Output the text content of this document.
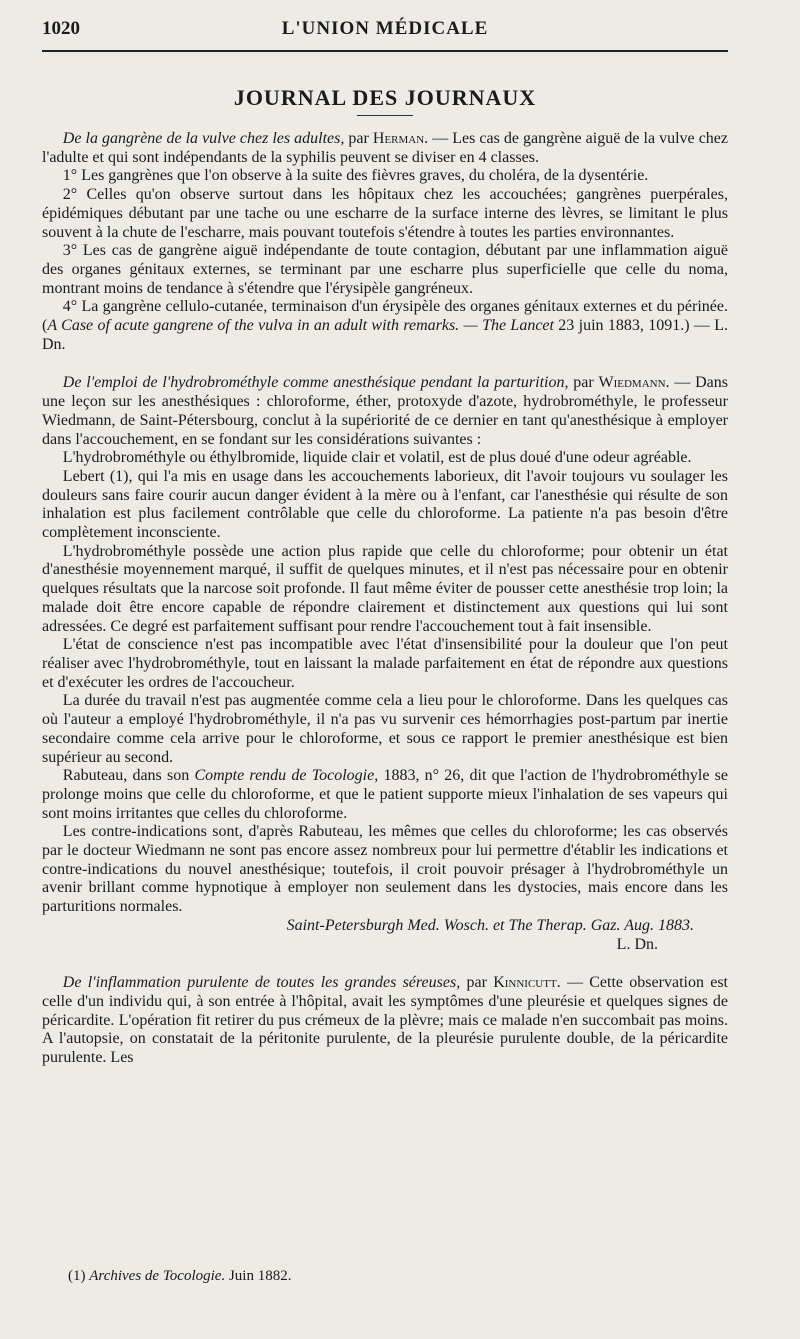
1020	L'UNION MÉDICALE
JOURNAL DES JOURNAUX

De la gangrène de la vulve chez les adultes, par Herman. — Les cas de gangrène aiguë de la vulve chez l'adulte et qui sont indépendants de la syphilis peuvent se diviser en 4 classes.

1° Les gangrènes que l'on observe à la suite des fièvres graves, du choléra, de la dysentérie.

2° Celles qu'on observe surtout dans les hôpitaux chez les accouchées; gangrènes puerpérales, épidémiques débutant par une tache ou une escharre de la surface interne des lèvres, se limitant le plus souvent à la chute de l'escharre, mais pouvant toutefois s'étendre à toutes les parties environnantes.

3° Les cas de gangrène aiguë indépendante de toute contagion, débutant par une inflammation aiguë des organes génitaux externes, se terminant par une escharre plus superficielle que celle du noma, montrant moins de tendance à s'étendre que l'érysipèle gangréneux.

4° La gangrène cellulo-cutanée, terminaison d'un érysipèle des organes génitaux externes et du périnée. (A Case of acute gangrene of the vulva in an adult with remarks. — The Lancet 23 juin 1883, 1091.) — L. Dn.

De l'emploi de l'hydrobrométhyle comme anesthésique pendant la parturition, par Wiedmann. — Dans une leçon sur les anesthésiques : chloroforme, éther, protoxyde d'azote, hydrobrométhyle, le professeur Wiedmann, de Saint-Pétersbourg, conclut à la supériorité de ce dernier en tant qu'anesthésique à employer dans l'accouchement, en se fondant sur les considérations suivantes :

L'hydrobrométhyle ou éthylbromide, liquide clair et volatil, est de plus doué d'une odeur agréable.

Lebert (1), qui l'a mis en usage dans les accouchements laborieux, dit l'avoir toujours vu soulager les douleurs sans faire courir aucun danger évident à la mère ou à l'enfant, car l'anesthésie qui résulte de son inhalation est plus facilement contrôlable que celle du chloroforme. La patiente n'a pas besoin d'être complètement inconsciente.

L'hydrobrométhyle possède une action plus rapide que celle du chloroforme; pour obtenir un état d'anesthésie moyennement marqué, il suffit de quelques minutes, et il n'est pas nécessaire pour en obtenir quelques résultats que la narcose soit profonde. Il faut même éviter de pousser cette anesthésie trop loin; la malade doit être encore capable de répondre clairement et distinctement aux questions qui lui sont adressées. Ce degré est parfaitement suffisant pour rendre l'accouchement tout à fait insensible.

L'état de conscience n'est pas incompatible avec l'état d'insensibilité pour la douleur que l'on peut réaliser avec l'hydrobrométhyle, tout en laissant la malade parfaitement en état de répondre aux questions et d'exécuter les ordres de l'accoucheur.

La durée du travail n'est pas augmentée comme cela a lieu pour le chloroforme. Dans les quelques cas où l'auteur a employé l'hydrobrométhyle, il n'a pas vu survenir ces hémorrhagies post-partum par inertie secondaire comme cela arrive pour le chloroforme, et sous ce rapport le premier anesthésique est bien supérieur au second.

Rabuteau, dans son Compte rendu de Tocologie, 1883, n° 26, dit que l'action de l'hydrobrométhyle se prolonge moins que celle du chloroforme, et que le patient supporte mieux l'inhalation de ses vapeurs qui sont moins irritantes que celles du chloroforme.

Les contre-indications sont, d'après Rabuteau, les mêmes que celles du chloroforme; les cas observés par le docteur Wiedmann ne sont pas encore assez nombreux pour lui permettre d'établir les indications et contre-indications du nouvel anesthésique; toutefois, il croit pouvoir présager à l'hydrobrométhyle un avenir brillant comme hypnotique à employer non seulement dans les dystocies, mais encore dans les parturitions normales.

Saint-Petersburgh Med. Wosch. et The Therap. Gaz. Aug. 1883.

L. Dn.

De l'inflammation purulente de toutes les grandes séreuses, par Kinnicutt. — Cette observation est celle d'un individu qui, à son entrée à l'hôpital, avait les symptômes d'une pleurésie et quelques signes de péricardite. L'opération fit retirer du pus crémeux de la plèvre; mais ce malade n'en succombait pas moins. A l'autopsie, on constatait de la péritonite purulente, de la pleurésie purulente double, de la péricardite purulente. Les

(1) Archives de Tocologie. Juin 1882.
